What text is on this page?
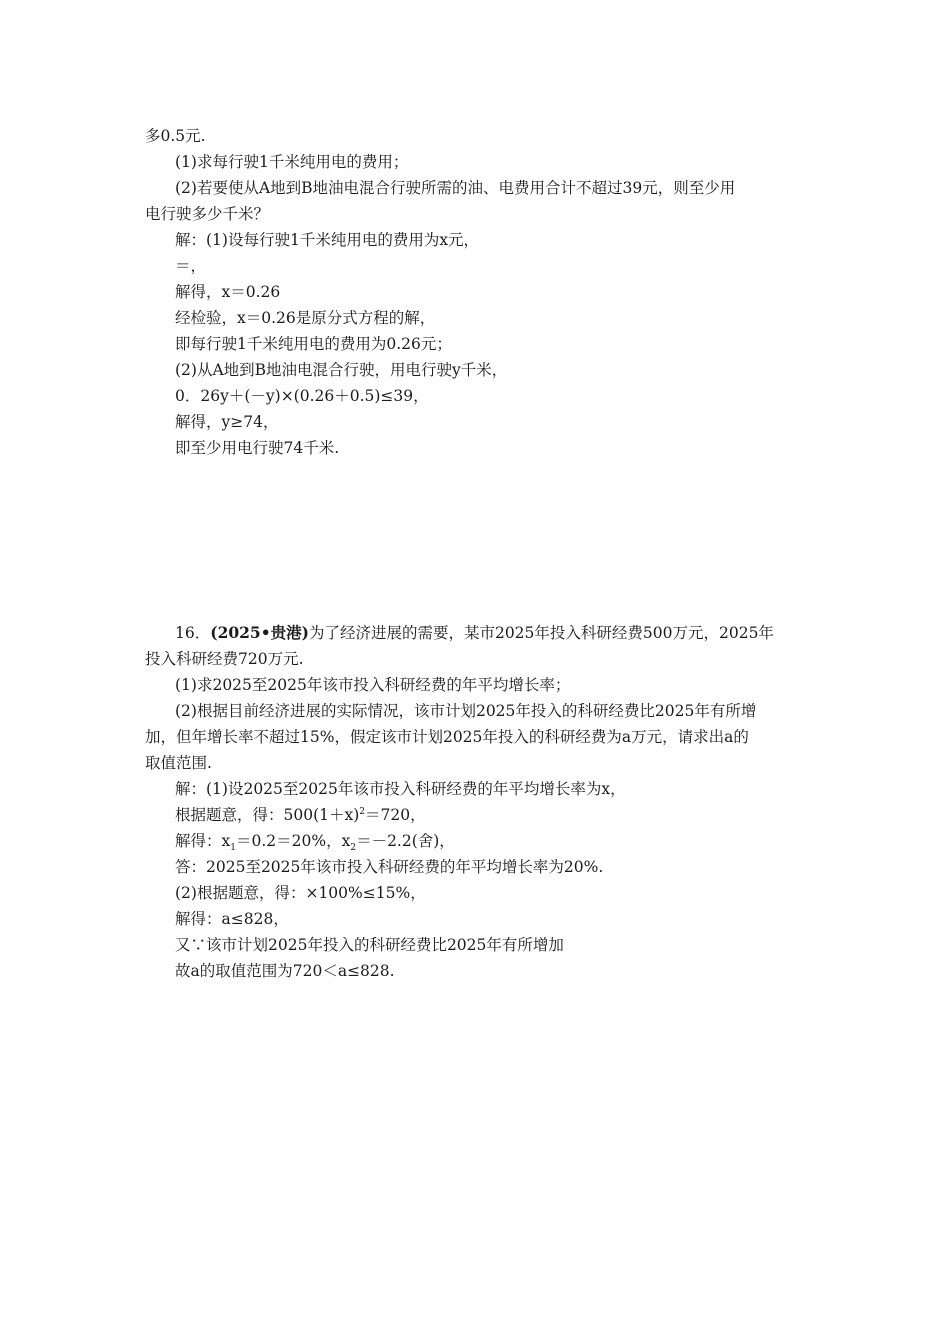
多0.5元.
(1)求每行驶1千米纯用电的费用；
(2)若要使从A地到B地油电混合行驶所需的油、电费用合计不超过39元，则至少用
电行驶多少千米？
解：(1)设每行驶1千米纯用电的费用为x元，
＝，
解得，x＝0.26
经检验，x＝0.26是原分式方程的解，
即每行驶1千米纯用电的费用为0.26元；
(2)从A地到B地油电混合行驶，用电行驶y千米，
0．26y＋(－y)×(0.26＋0.5)≤39，
解得，y≥74，
即至少用电行驶74千米.
16．(2025•贵港)为了经济进展的需要，某市2025年投入科研经费500万元，2025年
投入科研经费720万元.
(1)求2025至2025年该市投入科研经费的年平均增长率；
(2)根据目前经济进展的实际情况，该市计划2025年投入的科研经费比2025年有所增
加，但年增长率不超过15%，假定该市计划2025年投入的科研经费为a万元，请求出a的
取值范围.
解：(1)设2025至2025年该市投入科研经费的年平均增长率为x，
根据题意，得：$500(1+x)^2=720$，
解得：$x_1=0.2=20\%$，$x_2=-2.2$(舍)，
答：2025至2025年该市投入科研经费的年平均增长率为20%.
(2)根据题意，得：×100%≤15%，
解得：a≤828，
又∵该市计划2025年投入的科研经费比2025年有所增加
故a的取值范围为720＜a≤828.
